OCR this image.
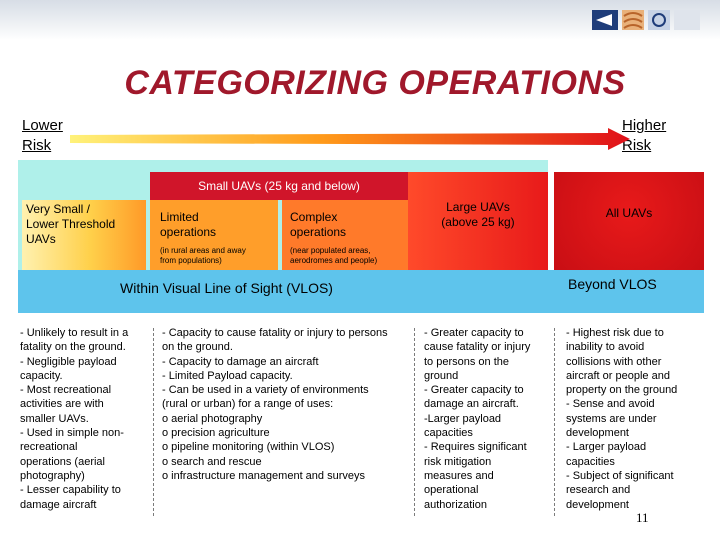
CATEGORIZING OPERATIONS
Lower
Risk
Higher
Risk
Small UAVs (25 kg and below)
Very Small /
Lower Threshold
UAVs
Limited
operations
(in rural areas and away
from populations)
Complex
operations
(near populated areas,
aerodromes and people)
Large UAVs
(above 25 kg)
All UAVs
Within Visual Line of Sight (VLOS)	Beyond VLOS
- Unlikely to result in a
fatality on the ground.
- Negligible payload
capacity.
- Most recreational
activities are with
smaller UAVs.
- Used in simple non-
recreational
operations (aerial
photography)
- Lesser capability to
damage aircraft
- Capacity to cause fatality or injury to persons
on the ground.
- Capacity to damage an aircraft
- Limited Payload capacity.
- Can be used in a variety of environments
(rural or urban) for a range of uses:
o aerial photography
o precision agriculture
o pipeline monitoring (within VLOS)
o search and rescue
o infrastructure management and surveys
- Greater capacity to
cause fatality or injury
to persons on the
ground
- Greater capacity to
damage an aircraft.
-Larger payload
capacities
- Requires significant
risk mitigation
measures and
operational
authorization
- Highest risk due to
inability to avoid
collisions with other
aircraft or people and
property on the ground
- Sense and avoid
systems are under
development
- Larger payload
capacities
- Subject of significant
research and
development
11
